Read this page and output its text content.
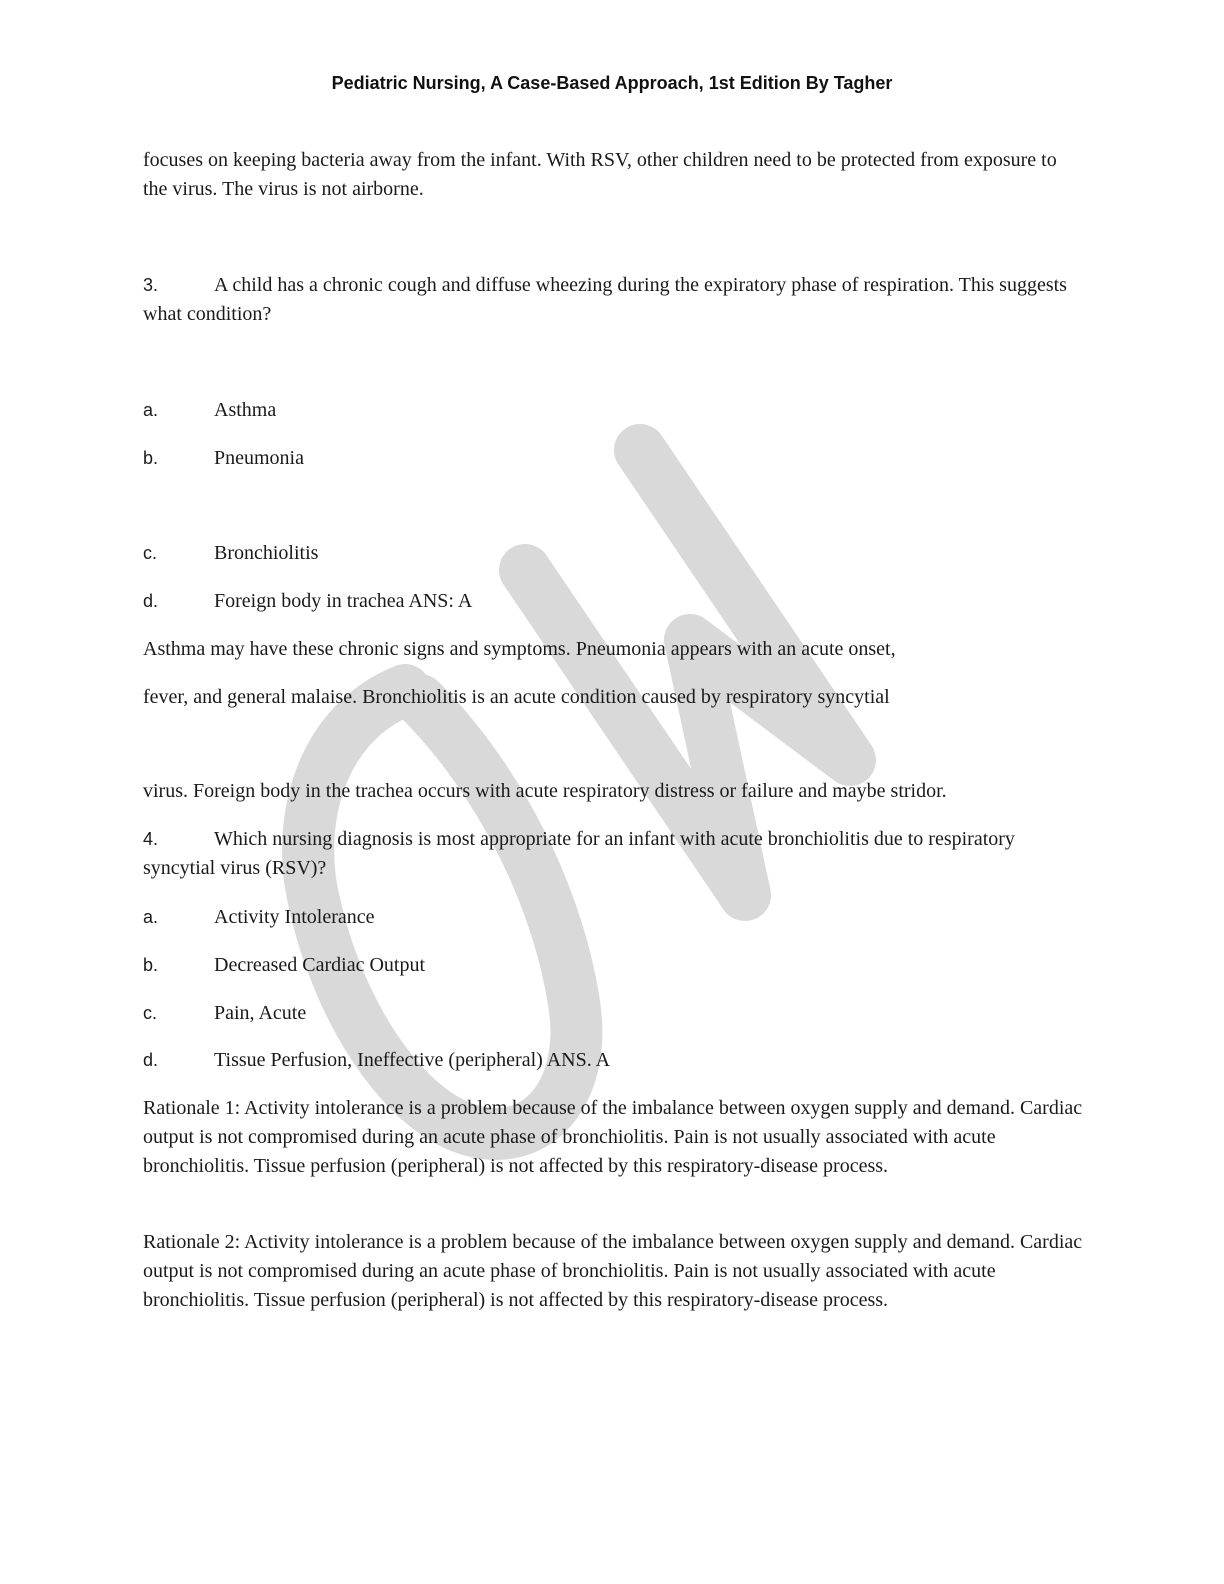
Pediatric Nursing, A Case-Based Approach, 1st Edition By Tagher

focuses on keeping bacteria away from the infant. With RSV, other children need to be protected from exposure to the virus. The virus is not airborne.

3.	A child has a chronic cough and diffuse wheezing during the expiratory phase of respiration. This suggests what condition?

a.	Asthma
b.	Pneumonia
c.	Bronchiolitis
d.	Foreign body in trachea ANS: A
Asthma may have these chronic signs and symptoms. Pneumonia appears with an acute onset,
fever, and general malaise. Bronchiolitis is an acute condition caused by respiratory syncytial
virus. Foreign body in the trachea occurs with acute respiratory distress or failure and maybe stridor.

4.	Which nursing diagnosis is most appropriate for an infant with acute bronchiolitis due to respiratory syncytial virus (RSV)?

a.	Activity Intolerance
b.	Decreased Cardiac Output
c.	Pain, Acute
d.	Tissue Perfusion, Ineffective (peripheral) ANS. A

Rationale 1: Activity intolerance is a problem because of the imbalance between oxygen supply and demand. Cardiac output is not compromised during an acute phase of bronchiolitis. Pain is not usually associated with acute bronchiolitis. Tissue perfusion (peripheral) is not affected by this respiratory-disease process.

Rationale 2: Activity intolerance is a problem because of the imbalance between oxygen supply and demand. Cardiac output is not compromised during an acute phase of bronchiolitis. Pain is not usually associated with acute bronchiolitis. Tissue perfusion (peripheral) is not affected by this respiratory-disease process.
